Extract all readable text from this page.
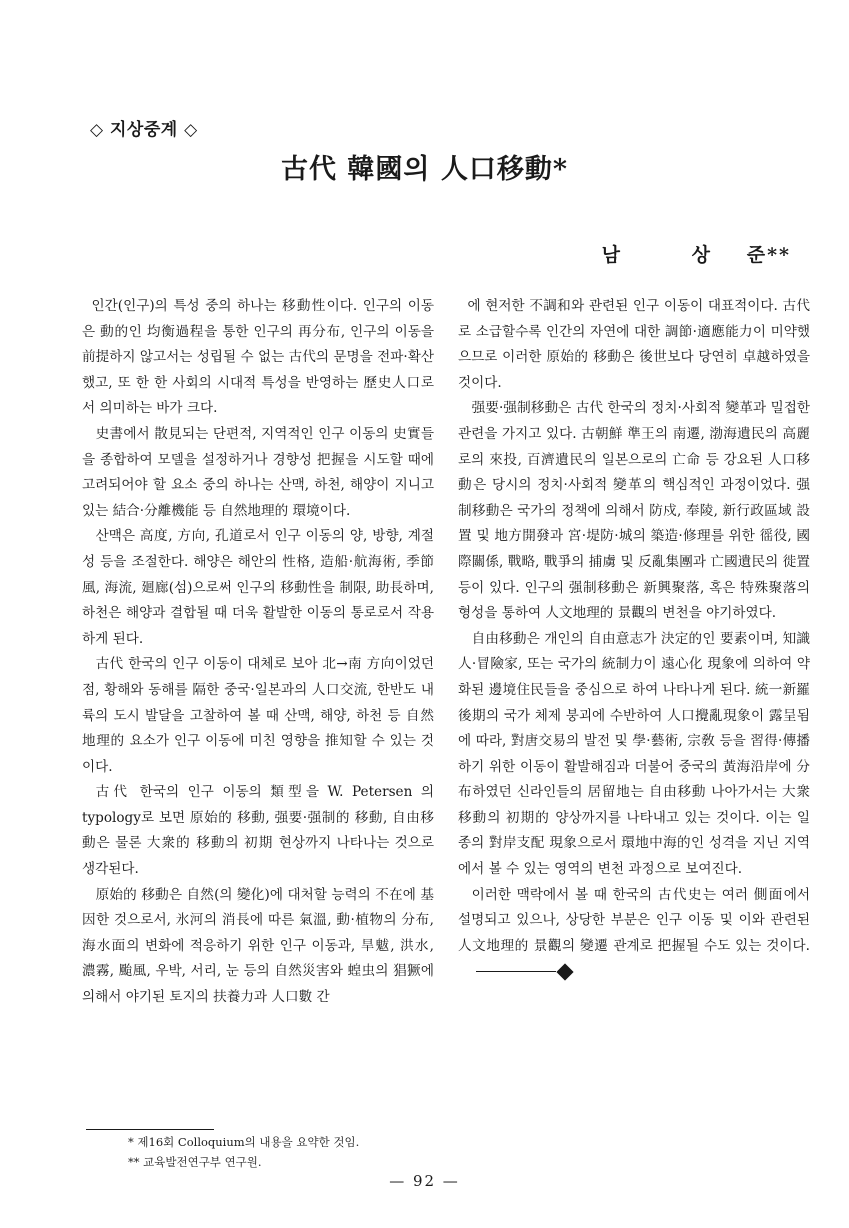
◇ 지상중계 ◇
古代 韓國의 人口移動*
남	상	준**

인간(인구)의 특성 중의 하나는 移動性이다. 인구의 이동은 動的인 均衡過程을 통한 인구의 再分布, 인구의 이동을 前提하지 않고서는 성립될 수 없는 古代의 문명을 전파·확산했고, 또 한 한 사회의 시대적 특성을 반영하는 歷史人口로서 의미하는 바가 크다.

史書에서 散見되는 단편적, 지역적인 인구 이동의 史實들을 종합하여 모델을 설정하거나 경향성 把握을 시도할 때에 고려되어야 할 요소 중의 하나는 산맥, 하천, 해양이 지니고 있는 結合·分離機能 등 自然地理的 環境이다.

산맥은 高度, 方向, 孔道로서 인구 이동의 양, 방향, 계절성 등을 조절한다. 해양은 해안의 性格, 造船·航海術, 季節風, 海流, 廻廊(섬)으로써 인구의 移動性을 制限, 助長하며, 하천은 해양과 결합될 때 더욱 활발한 이동의 통로로서 작용하게 된다.

古代 한국의 인구 이동이 대체로 보아 北→南 方向이었던 점, 황해와 동해를 隔한 중국·일본과의 人口交流, 한반도 내륙의 도시 발달을 고찰하여 볼 때 산맥, 해양, 하천 등 自然地理的 요소가 인구 이동에 미친 영향을 推知할 수 있는 것이다.

古代 한국의 인구 이동의 類型을 W. Petersen 의 typology로 보면 原始的 移動, 强要·强制的 移動, 自由移動은 물론 大衆的 移動의 初期 현상까지 나타나는 것으로 생각된다.

原始的 移動은 自然(의 變化)에 대처할 능력의 不在에 基因한 것으로서, 氷河의 消長에 따른 氣溫, 動·植物의 分布, 海水面의 변화에 적응하기 위한 인구 이동과, 旱魃, 洪水, 濃霧, 颱風, 우박, 서리, 눈 등의 自然災害와 蝗虫의 猖獗에 의해서 야기된 토지의 扶養力과 人口數 간

에 현저한 不調和와 관련된 인구 이동이 대표적이다. 古代로 소급할수록 인간의 자연에 대한 調節·適應能力이 미약했으므로 이러한 原始的 移動은 後世보다 당연히 卓越하였을 것이다.

强要·强制移動은 古代 한국의 정치·사회적 變革과 밀접한 관련을 가지고 있다. 古朝鮮 準王의 南遷, 渤海遺民의 高麗로의 來投, 百濟遺民의 일본으로의 亡命 등 강요된 人口移動은 당시의 정치·사회적 變革의 핵심적인 과정이었다. 强制移動은 국가의 정책에 의해서 防戍, 奉陵, 新行政區域 設置 및 地方開發과 宮·堤防·城의 築造·修理를 위한 徭役, 國際關係, 戰略, 戰爭의 捕虜 및 反亂集團과 亡國遺民의 徙置 등이 있다. 인구의 强制移動은 新興聚落, 혹은 特殊聚落의 형성을 통하여 人文地理的 景觀의 변천을 야기하였다.

自由移動은 개인의 自由意志가 決定的인 要素이며, 知識人·冒險家, 또는 국가의 統制力이 遠心化 現象에 의하여 약화된 邊境住民들을 중심으로 하여 나타나게 된다. 統一新羅 後期의 국가 체제 붕괴에 수반하여 人口攪亂現象이 露呈됨에 따라, 對唐交易의 발전 및 學·藝術, 宗敎 등을 習得·傳播하기 위한 이동이 활발해짐과 더불어 중국의 黃海沿岸에 分布하였던 신라인들의 居留地는 自由移動 나아가서는 大衆移動의 初期的 양상까지를 나타내고 있는 것이다. 이는 일종의 對岸支配 現象으로서 環地中海的인 성격을 지닌 지역에서 볼 수 있는 영역의 변천 과정으로 보여진다.

이러한 맥락에서 볼 때 한국의 古代史는 여러 側面에서 설명되고 있으나, 상당한 부분은 인구 이동 및 이와 관련된 人文地理的 景觀의 變遷 관계로 把握될 수도 있는 것이다.

* 제16회 Colloquium의 내용을 요약한 것임.
** 교육발전연구부 연구원.
— 92 —
